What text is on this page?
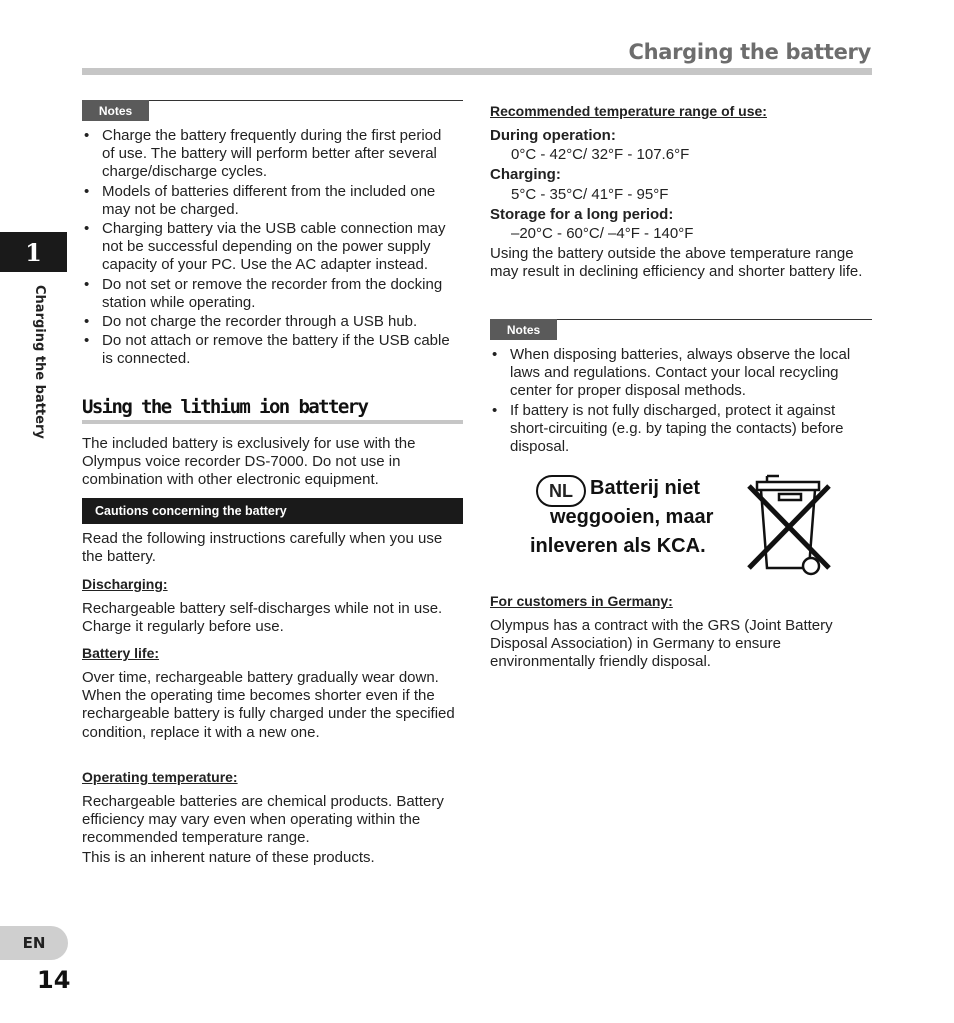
Charging the battery
1
Charging the battery
EN
14
Notes
• Charge the battery frequently during the first period of use. The battery will perform better after several charge/discharge cycles.
• Models of batteries different from the included one may not be charged.
• Charging battery via the USB cable connection may not be successful depending on the power supply capacity of your PC. Use the AC adapter instead.
• Do not set or remove the recorder from the docking station while operating.
• Do not charge the recorder through a USB hub.
• Do not attach or remove the battery if the USB cable is connected.
Using the lithium ion battery
The included battery is exclusively for use with the Olympus voice recorder DS-7000. Do not use in combination with other electronic equipment.
Cautions concerning the battery
Read the following instructions carefully when you use the battery.
Discharging:
Rechargeable battery self-discharges while not in use. Charge it regularly before use.
Battery life:
Over time, rechargeable battery gradually wear down. When the operating time becomes shorter even if the rechargeable battery is fully charged under the specified condition, replace it with a new one.
Operating temperature:
Rechargeable batteries are chemical products. Battery efficiency may vary even when operating within the recommended temperature range.
This is an inherent nature of these products.
Recommended temperature range of use:
During operation:
0°C - 42°C/ 32°F - 107.6°F
Charging:
5°C - 35°C/ 41°F - 95°F
Storage for a long period:
–20°C - 60°C/ –4°F - 140°F
Using the battery outside the above temperature range may result in declining efficiency and shorter battery life.
Notes
• When disposing batteries, always observe the local laws and regulations. Contact your local recycling center for proper disposal methods.
• If battery is not fully discharged, protect it against short-circuiting (e.g. by taping the contacts) before disposal.
NL Batterij niet
weggooien, maar
inleveren als KCA.
For customers in Germany:
Olympus has a contract with the GRS (Joint Battery Disposal Association) in Germany to ensure environmentally friendly disposal.
